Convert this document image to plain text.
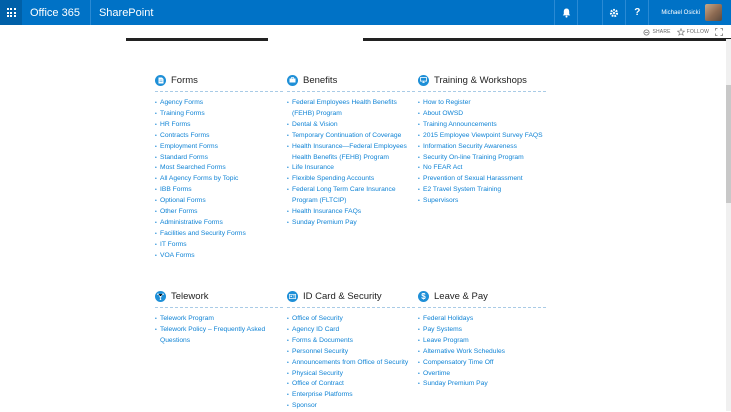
Office 365 SharePoint	?	Michael Osicki
SHARE	FOLLOW
Forms
• Agency Forms
• Training Forms
• HR Forms
• Contracts Forms
• Employment Forms
• Standard Forms
• Most Searched Forms
• All Agency Forms by Topic
• IBB Forms
• Optional Forms
• Other Forms
• Administrative Forms
• Facilities and Security Forms
• IT Forms
• VOA Forms
Benefits
• Federal Employees Health Benefits (FEHB) Program
• Dental & Vision
• Temporary Continuation of Coverage
• Health Insurance—Federal Employees Health Benefits (FEHB) Program
• Life Insurance
• Flexible Spending Accounts
• Federal Long Term Care Insurance Program (FLTCIP)
• Health Insurance FAQs
• Sunday Premium Pay
Training & Workshops
• How to Register
• About OWSD
• Training Announcements
• 2015 Employee Viewpoint Survey FAQS
• Information Security Awareness
• Security On-line Training Program
• No FEAR Act
• Prevention of Sexual Harassment
• E2 Travel System Training
• Supervisors
Telework
• Telework Program
• Telework Policy – Frequently Asked Questions
ID Card & Security
• Office of Security
• Agency ID Card
• Forms & Documents
• Personnel Security
• Announcements from Office of Security
• Physical Security
• Office of Contract
• Enterprise Platforms
• Sponsor
$ Leave & Pay
• Federal Holidays
• Pay Systems
• Leave Program
• Alternative Work Schedules
• Compensatory Time Off
• Overtime
• Sunday Premium Pay
